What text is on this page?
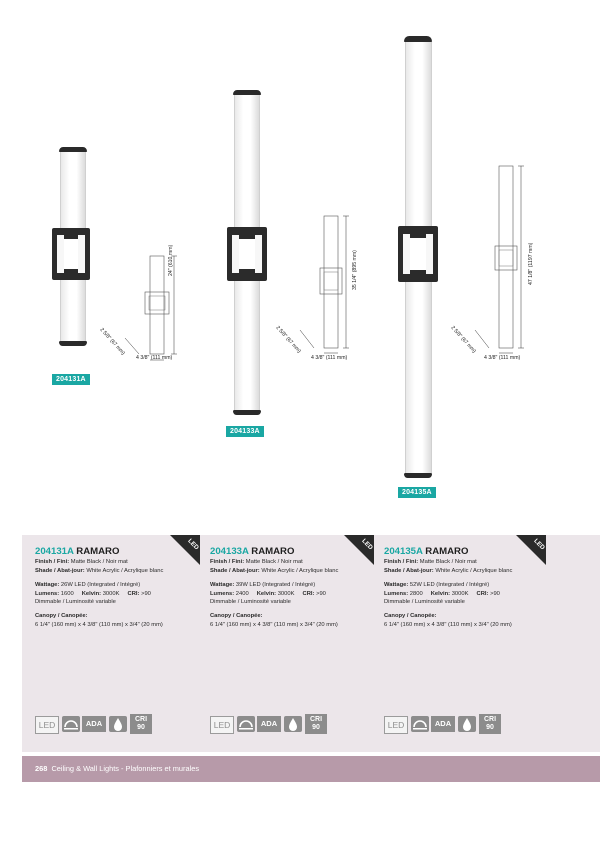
204131A
24" (610 mm)
4 3/8" (111 mm)
2 5/8" (67 mm)
204133A
35 1/4" (895 mm)
4 3/8" (111 mm)
2 5/8" (67 mm)
204135A
47 1/8" (1197 mm)
4 3/8" (111 mm)
2 5/8" (67 mm)
LED	LED	LED
204131A RAMARO
Finish / Fini: Matte Black / Noir mat
Shade / Abat-jour: White Acrylic / Acrylique blanc
Wattage: 26W LED (Integrated / Intégré)
Lumens: 1600 Kelvin: 3000K CRI: >90
Dimmable / Luminosité variable
Canopy / Canopée:
6 1/4" (160 mm) x 4 3/8" (110 mm) x 3/4" (20 mm)
204133A RAMARO
Finish / Fini: Matte Black / Noir mat
Shade / Abat-jour: White Acrylic / Acrylique blanc
Wattage: 39W LED (Integrated / Intégré)
Lumens: 2400 Kelvin: 3000K CRI: >90
Dimmable / Luminosité variable
Canopy / Canopée:
6 1/4" (160 mm) x 4 3/8" (110 mm) x 3/4" (20 mm)
204135A RAMARO
Finish / Fini: Matte Black / Noir mat
Shade / Abat-jour: White Acrylic / Acrylique blanc
Wattage: 52W LED (Integrated / Intégré)
Lumens: 2800 Kelvin: 3000K CRI: >90
Dimmable / Luminosité variable
Canopy / Canopée:
6 1/4" (160 mm) x 4 3/8" (110 mm) x 3/4" (20 mm)
LED	ADA	CRI
90	LED	ADA	CRI
90	LED	ADA	CRI
90
268 Ceiling & Wall Lights - Plafonniers et murales
